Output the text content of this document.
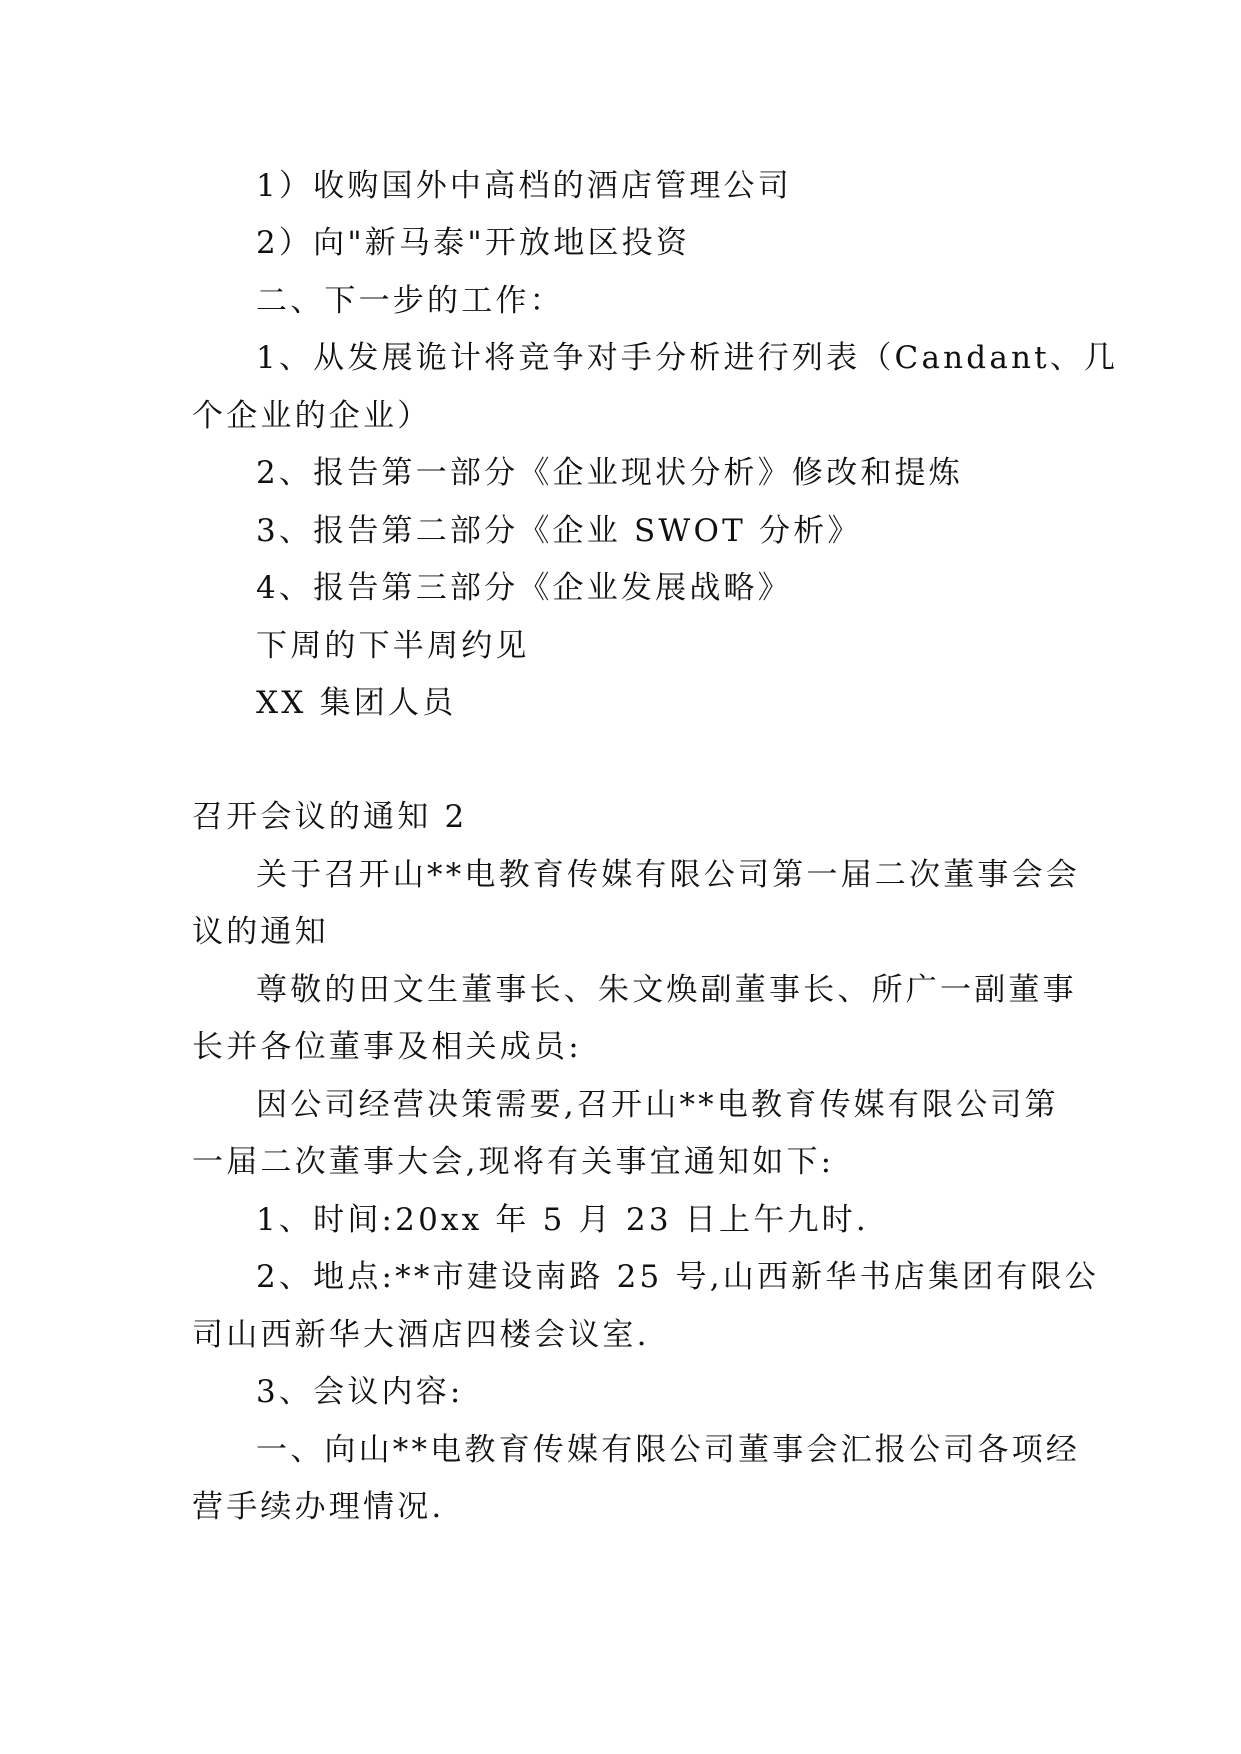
1）收购国外中高档的酒店管理公司
2）向"新马泰"开放地区投资
二、下一步的工作：
1、从发展诡计将竞争对手分析进行列表（Candant、几
个企业的企业）
2、报告第一部分《企业现状分析》修改和提炼
3、报告第二部分《企业 SWOT 分析》
4、报告第三部分《企业发展战略》
下周的下半周约见
XX 集团人员
召开会议的通知 2
关于召开山**电教育传媒有限公司第一届二次董事会会
议的通知
尊敬的田文生董事长、朱文焕副董事长、所广一副董事
长并各位董事及相关成员:
因公司经营决策需要,召开山**电教育传媒有限公司第
一届二次董事大会,现将有关事宜通知如下:
1、时间:20xx 年 5 月 23 日上午九时.
2、地点:**市建设南路 25 号,山西新华书店集团有限公
司山西新华大酒店四楼会议室.
3、会议内容:
一、向山**电教育传媒有限公司董事会汇报公司各项经
营手续办理情况.
